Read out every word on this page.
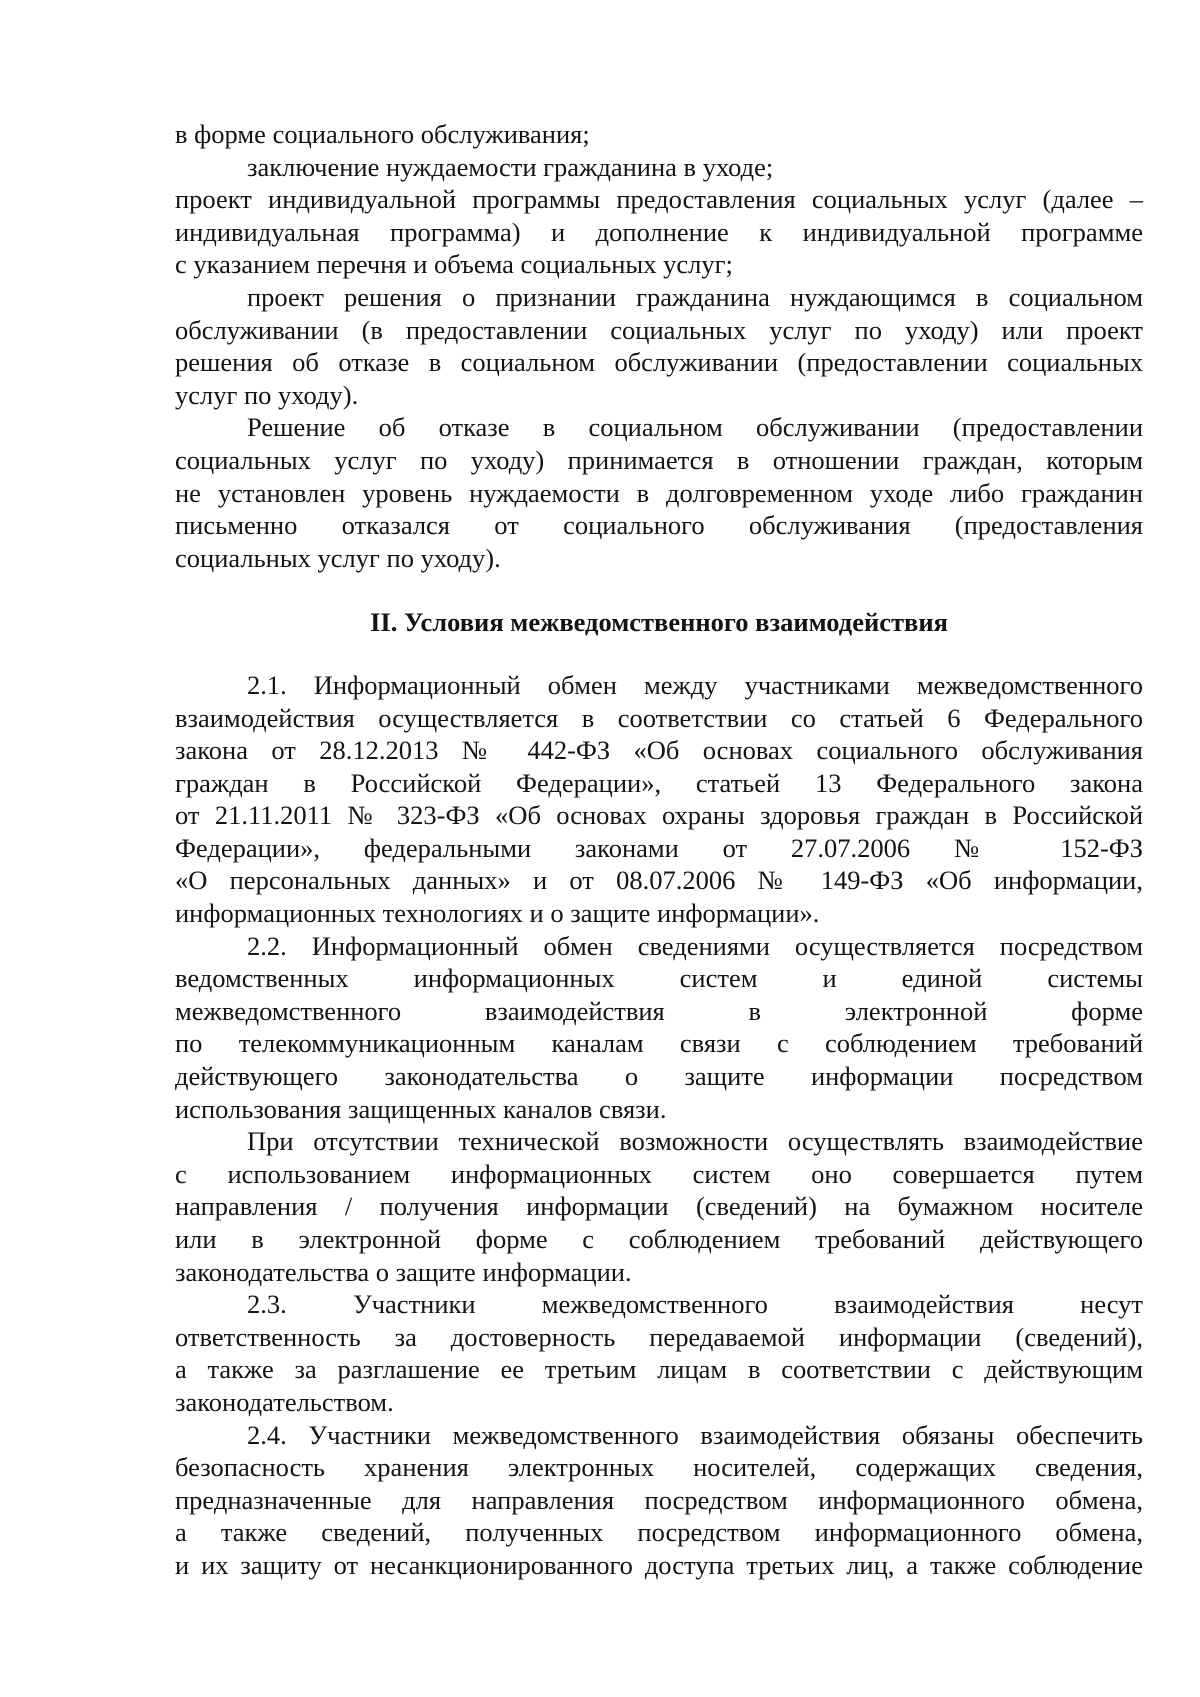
в форме социального обслуживания;
заключение нуждаемости гражданина в уходе;
проект индивидуальной программы предоставления социальных услуг (далее –
индивидуальная программа) и дополнение к индивидуальной программе
с указанием перечня и объема социальных услуг;
проект решения о признании гражданина нуждающимся в социальном
обслуживании (в предоставлении социальных услуг по уходу) или проект
решения об отказе в социальном обслуживании (предоставлении социальных
услуг по уходу).
Решение об отказе в социальном обслуживании (предоставлении
социальных услуг по уходу) принимается в отношении граждан, которым
не установлен уровень нуждаемости в долговременном уходе либо гражданин
письменно отказался от социального обслуживания (предоставления
социальных услуг по уходу).
II. Условия межведомственного взаимодействия
2.1. Информационный обмен между участниками межведомственного
взаимодействия осуществляется в соответствии со статьей 6 Федерального
закона от 28.12.2013 № 442-ФЗ «Об основах социального обслуживания
граждан в Российской Федерации», статьей 13 Федерального закона
от 21.11.2011 № 323-ФЗ «Об основах охраны здоровья граждан в Российской
Федерации», федеральными законами от 27.07.2006 № 152-ФЗ
«О персональных данных» и от 08.07.2006 № 149-ФЗ «Об информации,
информационных технологиях и о защите информации».
2.2. Информационный обмен сведениями осуществляется посредством
ведомственных информационных систем и единой системы
межведомственного взаимодействия в электронной форме
по телекоммуникационным каналам связи с соблюдением требований
действующего законодательства о защите информации посредством
использования защищенных каналов связи.
При отсутствии технической возможности осуществлять взаимодействие
с использованием информационных систем оно совершается путем
направления / получения информации (сведений) на бумажном носителе
или в электронной форме с соблюдением требований действующего
законодательства о защите информации.
2.3. Участники межведомственного взаимодействия несут
ответственность за достоверность передаваемой информации (сведений),
а также за разглашение ее третьим лицам в соответствии с действующим
законодательством.
2.4. Участники межведомственного взаимодействия обязаны обеспечить
безопасность хранения электронных носителей, содержащих сведения,
предназначенные для направления посредством информационного обмена,
а также сведений, полученных посредством информационного обмена,
и их защиту от несанкционированного доступа третьих лиц, а также соблюдение
